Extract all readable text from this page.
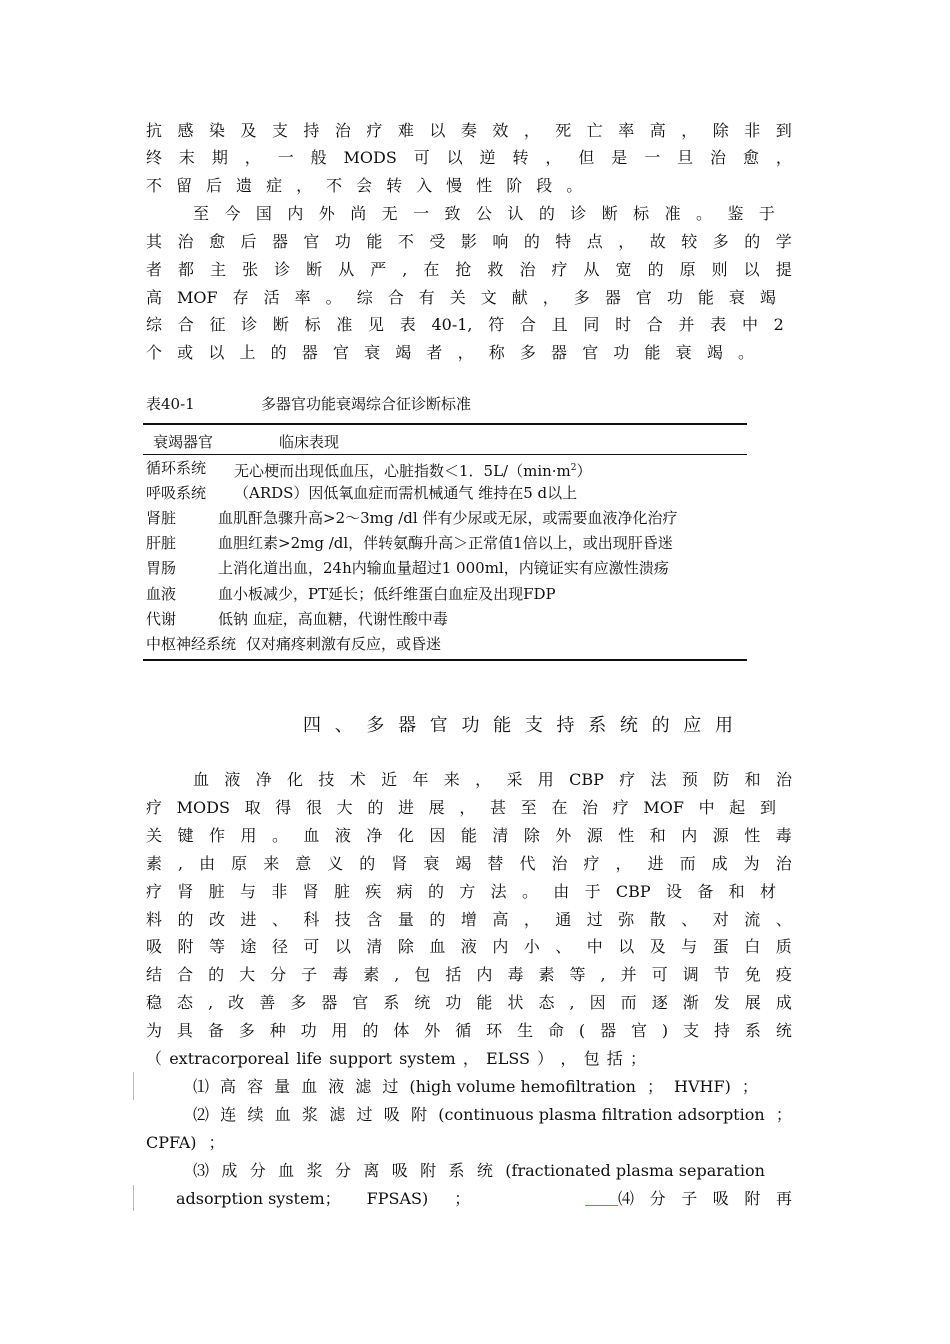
抗 感 染 及 支 持 治 疗 难 以 奏 效 ， 死 亡 率 高 ， 除 非 到
终 末 期 ， 一 般 MODS 可 以 逆 转 ， 但 是 一 旦 治 愈 ，
不 留 后 遗 症 ， 不 会 转 入 慢 性 阶 段 。
至 今 国 内 外 尚 无 一 致 公 认 的 诊 断 标 准 。 鉴 于
其 治 愈 后 器 官 功 能 不 受 影 响 的 特 点 ， 故 较 多 的 学
者 都 主 张 诊 断 从 严 , 在 抢 救 治 疗 从 宽 的 原 则 以 提
高 MOF 存 活 率 。 综 合 有 关 文 献 ， 多 器 官 功 能 衰 竭
综 合 征 诊 断 标 准 见 表 40-1, 符 合 且 同 时 合 并 表 中 2
个 或 以 上 的 器 官 衰 竭 者 ， 称 多 器 官 功 能 衰 竭 。
表40-1	多器官功能衰竭综合征诊断标准
衰竭器官	临床表现
循环系统 无心梗而出现低血压，心脏指数＜1．$5L/(\min\cdot m^2)$
呼吸系统 （ARDS）因低氧血症而需机械通气 维持在5 d以上
肾脏	血肌酐急骤升高>2～3mg /dl 伴有少尿或无尿，或需要血液净化治疗
肝脏	血胆红素>2mg /dl，伴转氨酶升高＞正常值1倍以上，或出现肝昏迷
胃肠	上消化道出血，24h内输血量超过1 000ml，内镜证实有应激性溃疡
血液	血小板减少，PT延长；低纤维蛋白血症及出现FDP
代谢	低钠 血症，高血糖，代谢性酸中毒
中枢神经系统 仅对痛疼刺激有反应，或昏迷
四 、 多 器 官 功 能 支 持 系 统 的 应 用
血 液 净 化 技 术 近 年 来 ， 采 用 CBP 疗 法 预 防 和 治
疗 MODS 取 得 很 大 的 进 展 ， 甚 至 在 治 疗 MOF 中 起 到
关 键 作 用 。 血 液 净 化 因 能 清 除 外 源 性 和 内 源 性 毒
素 , 由 原 来 意 义 的 肾 衰 竭 替 代 治 疗 ， 进 而 成 为 治
疗 肾 脏 与 非 肾 脏 疾 病 的 方 法 。 由 于 CBP 设 备 和 材
料 的 改 进 、 科 技 含 量 的 增 高 ， 通 过 弥 散 、 对 流 、
吸 附 等 途 径 可 以 清 除 血 液 内 小 、 中 以 及 与 蛋 白 质
结 合 的 大 分 子 毒 素 , 包 括 内 毒 素 等 , 并 可 调 节 免 疫
稳 态 , 改 善 多 器 官 系 统 功 能 状 态 , 因 而 逐 渐 发 展 成
为 具 备 多 种 功 用 的 体 外 循 环 生 命 ( 器 官 ) 支 持 系 统
（ extracorporeal life support system ， ELSS ） ， 包 括 ；
⑴ 高 容 量 血 液 滤 过 (high volume hemofiltration ； HVHF) ；
⑵ 连 续 血 浆 滤 过 吸 附 (continuous plasma filtration adsorption ；
CPFA) ；
⑶ 成 分 血 浆 分 离 吸 附 系 统 (fractionated plasma separation
adsorption system； FPSAS) ；	⑷ 分 子 吸 附 再
